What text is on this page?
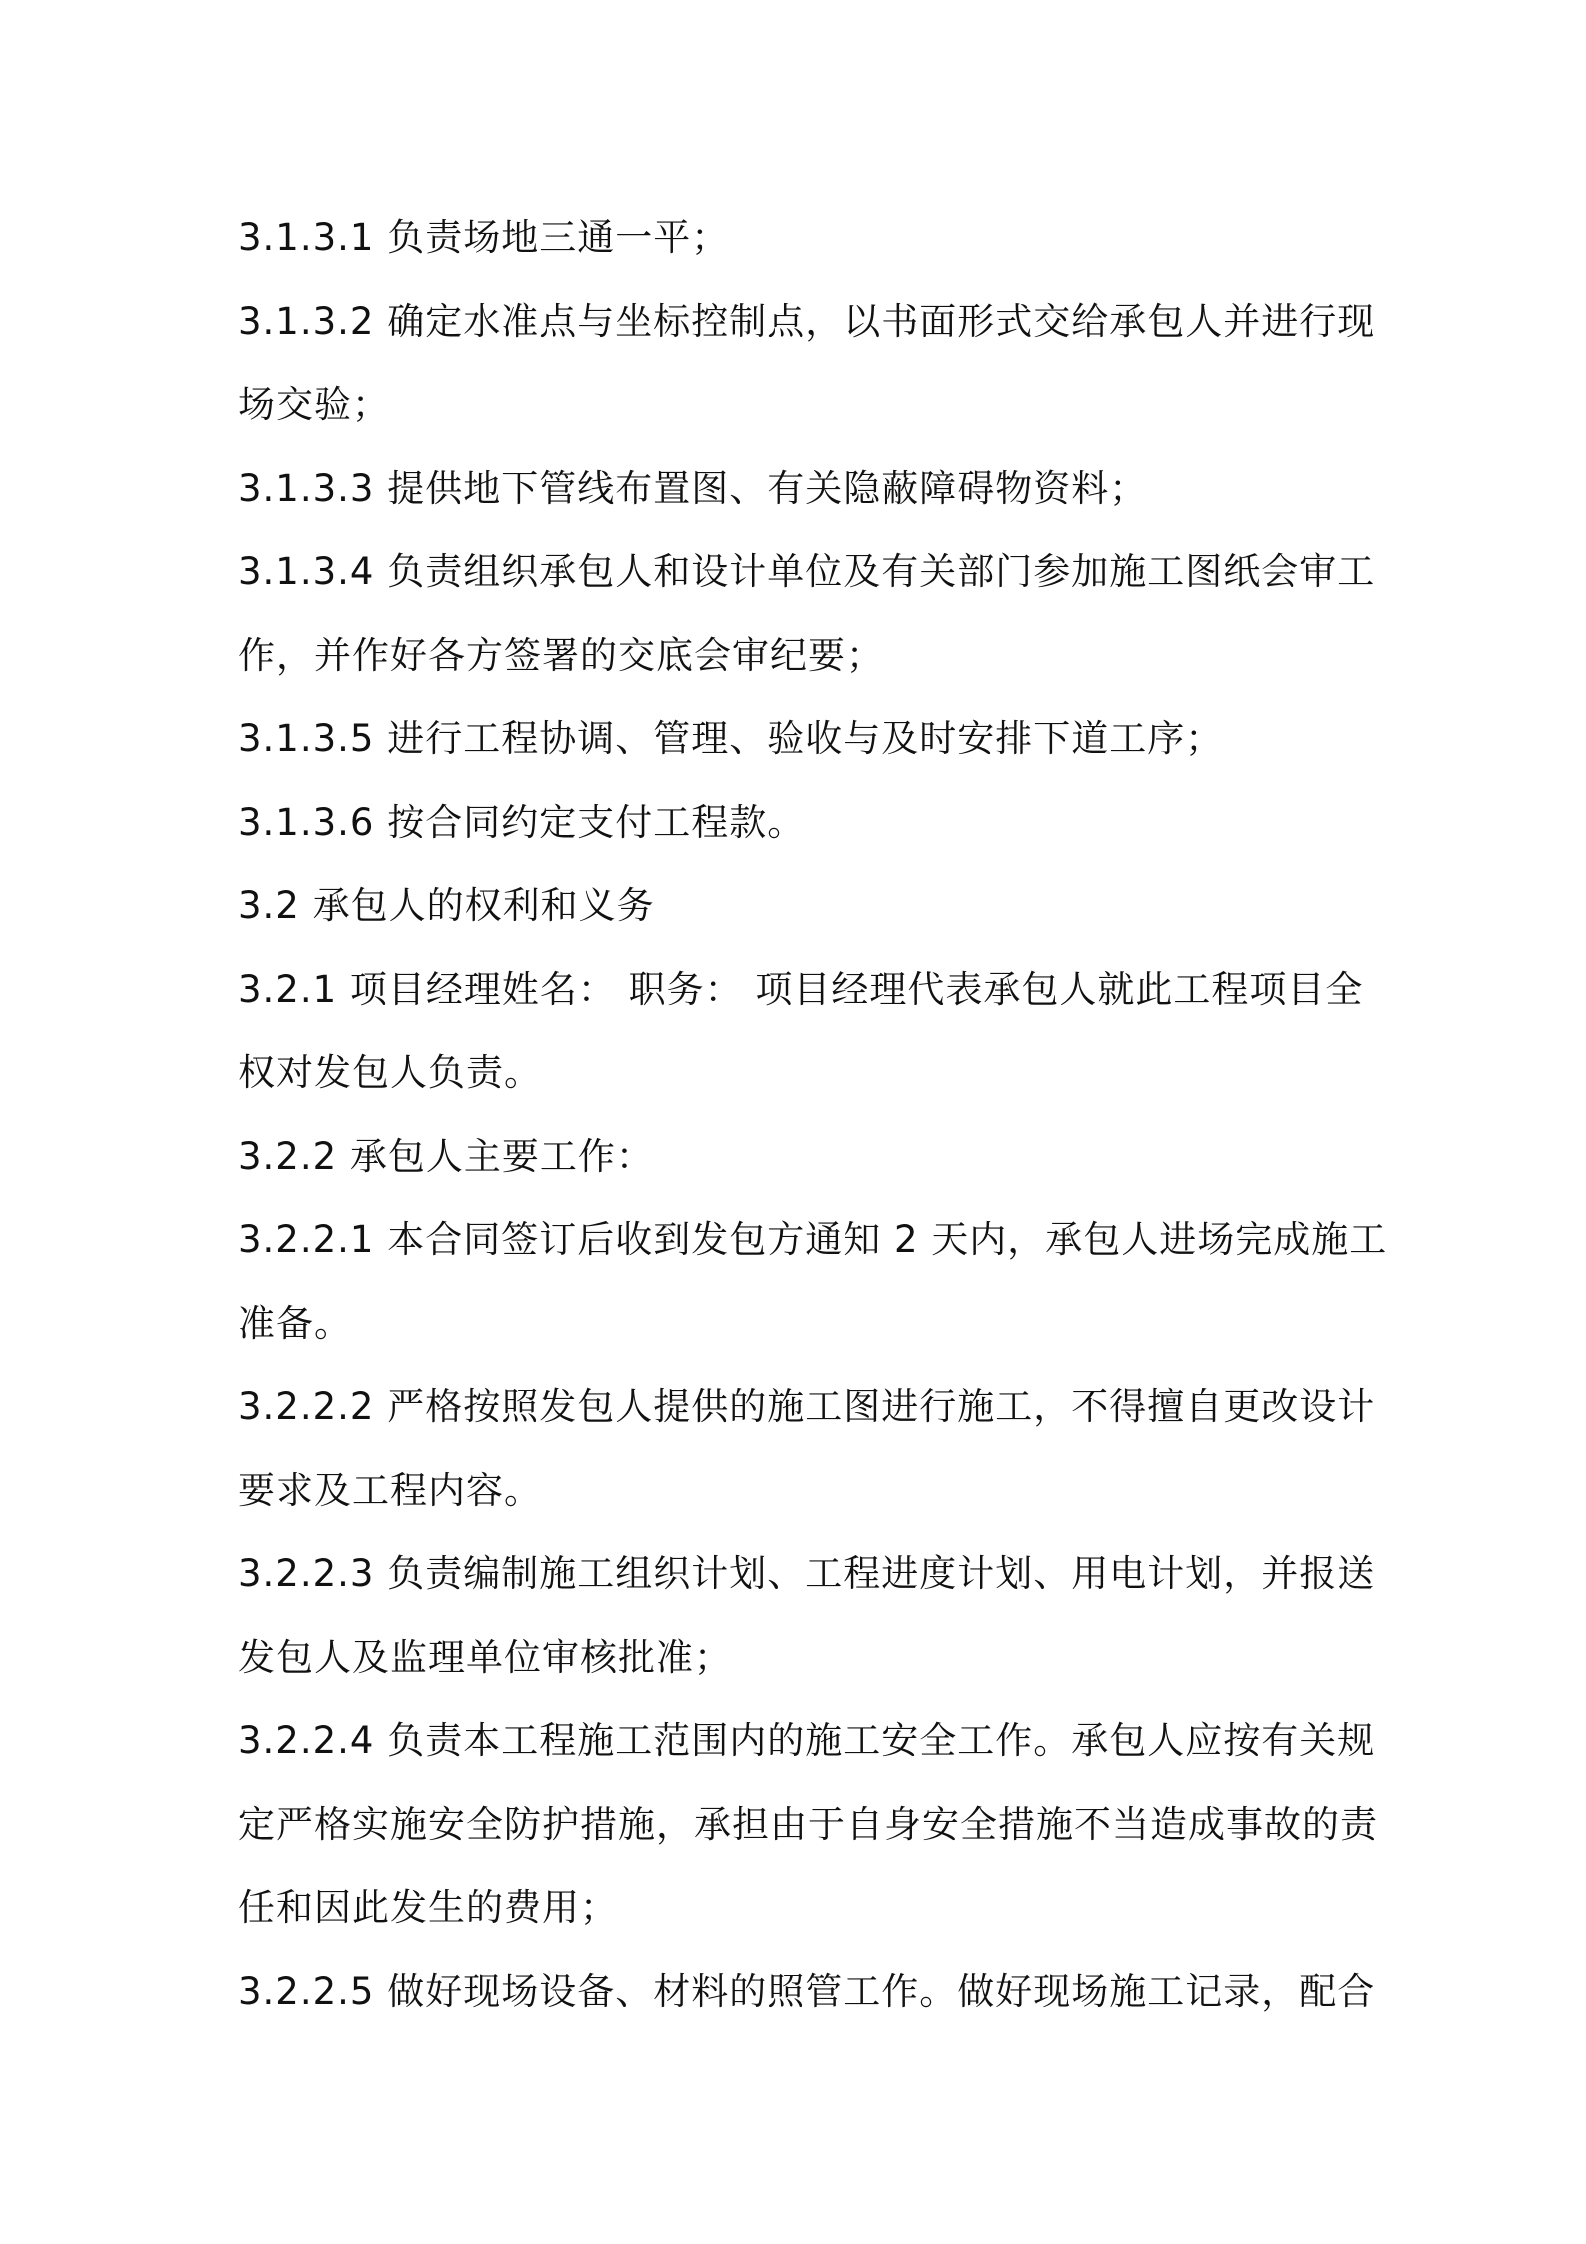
3.1.3.1 负责场地三通一平；

3.1.3.2 确定水准点与坐标控制点，以书面形式交给承包人并进行现

场交验；

3.1.3.3 提供地下管线布置图、有关隐蔽障碍物资料；

3.1.3.4 负责组织承包人和设计单位及有关部门参加施工图纸会审工

作，并作好各方签署的交底会审纪要；

3.1.3.5 进行工程协调、管理、验收与及时安排下道工序；

3.1.3.6 按合同约定支付工程款。

3.2 承包人的权利和义务

3.2.1 项目经理姓名： 职务： 项目经理代表承包人就此工程项目全

权对发包人负责。

3.2.2 承包人主要工作：

3.2.2.1 本合同签订后收到发包方通知 2 天内，承包人进场完成施工

准备。

3.2.2.2 严格按照发包人提供的施工图进行施工，不得擅自更改设计

要求及工程内容。

3.2.2.3 负责编制施工组织计划、工程进度计划、用电计划，并报送

发包人及监理单位审核批准；

3.2.2.4 负责本工程施工范围内的施工安全工作。承包人应按有关规

定严格实施安全防护措施，承担由于自身安全措施不当造成事故的责

任和因此发生的费用；

3.2.2.5 做好现场设备、材料的照管工作。做好现场施工记录，配合
